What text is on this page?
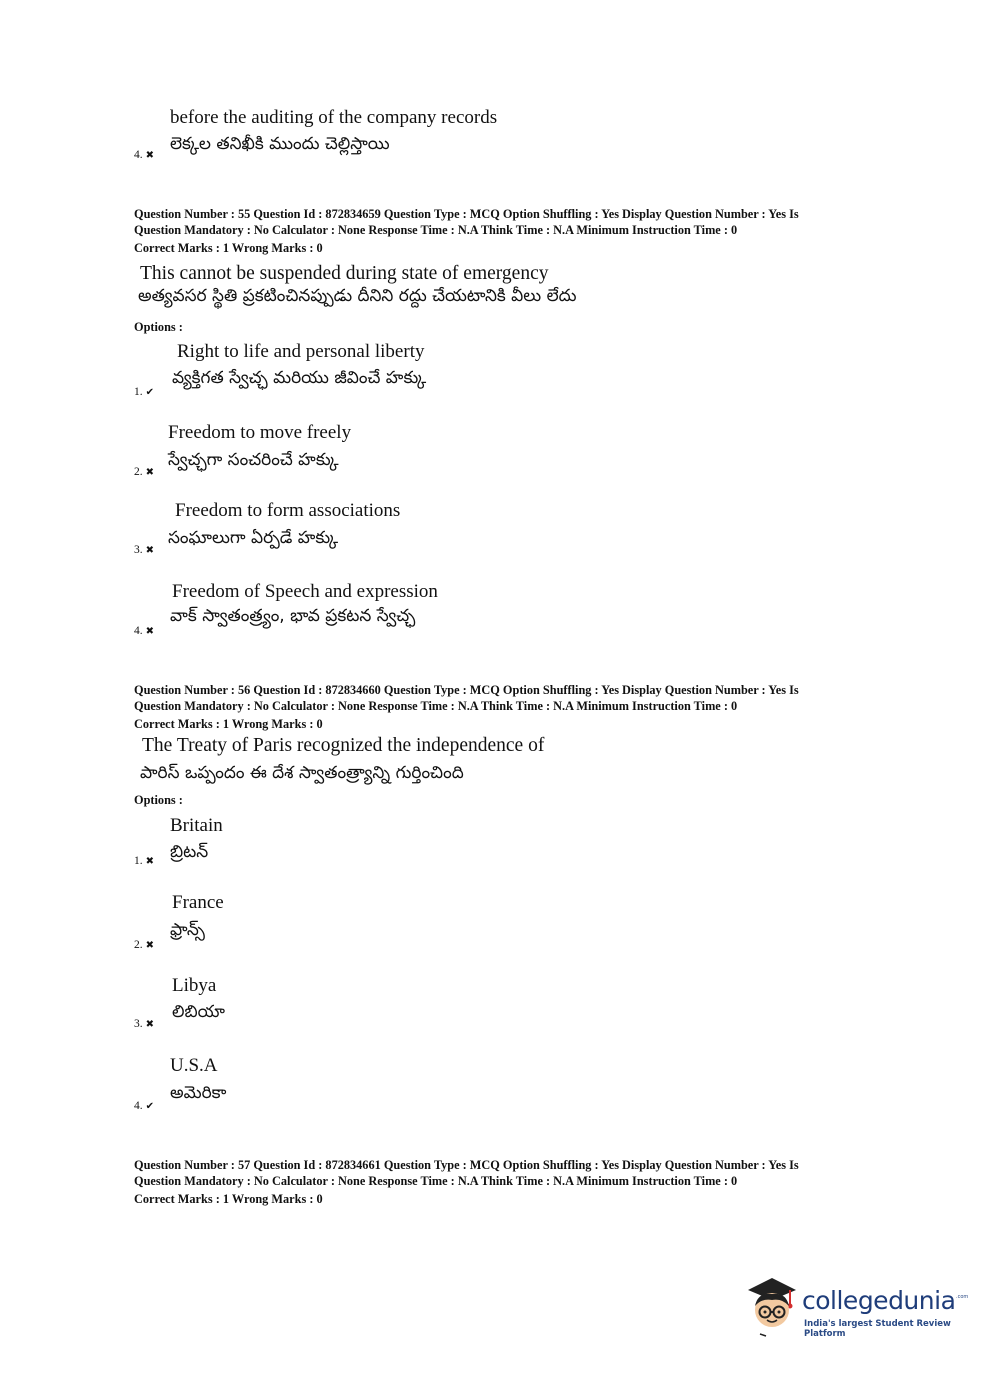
before the auditing of the company records
లెక్కల తనిఖీకి ముందు చెల్లిస్తాయి
4. ✖
Question Number : 55 Question Id : 872834659 Question Type : MCQ Option Shuffling : Yes Display Question Number : Yes Is
Question Mandatory : No Calculator : None Response Time : N.A Think Time : N.A Minimum Instruction Time : 0
Correct Marks : 1 Wrong Marks : 0
This cannot be suspended during state of emergency
అత్యవసర స్థితి ప్రకటించినప్పుడు దీనిని రద్దు చేయటానికి వీలు లేదు
Options :
Right to life and personal liberty
వ్యక్తిగత స్వేచ్ఛ మరియు జీవించే హక్కు
1. ✔
Freedom to move freely
స్వేచ్ఛగా సంచరించే హక్కు
2. ✖
Freedom to form associations
సంఘాలుగా ఏర్పడే హక్కు
3. ✖
Freedom of Speech and expression
వాక్ స్వాతంత్ర్యం, భావ ప్రకటన స్వేచ్ఛ
4. ✖
Question Number : 56 Question Id : 872834660 Question Type : MCQ Option Shuffling : Yes Display Question Number : Yes Is
Question Mandatory : No Calculator : None Response Time : N.A Think Time : N.A Minimum Instruction Time : 0
Correct Marks : 1 Wrong Marks : 0
The Treaty of Paris recognized the independence of
పారిస్ ఒప్పందం ఈ దేశ స్వాతంత్ర్యాన్ని గుర్తించింది
Options :
Britain
బ్రిటన్
1. ✖
France
ఫ్రాన్స్
2. ✖
Libya
లిబియా
3. ✖
U.S.A
అమెరికా
4. ✔
Question Number : 57 Question Id : 872834661 Question Type : MCQ Option Shuffling : Yes Display Question Number : Yes Is
Question Mandatory : No Calculator : None Response Time : N.A Think Time : N.A Minimum Instruction Time : 0
Correct Marks : 1 Wrong Marks : 0
collegedunia .com
India's largest Student Review Platform
